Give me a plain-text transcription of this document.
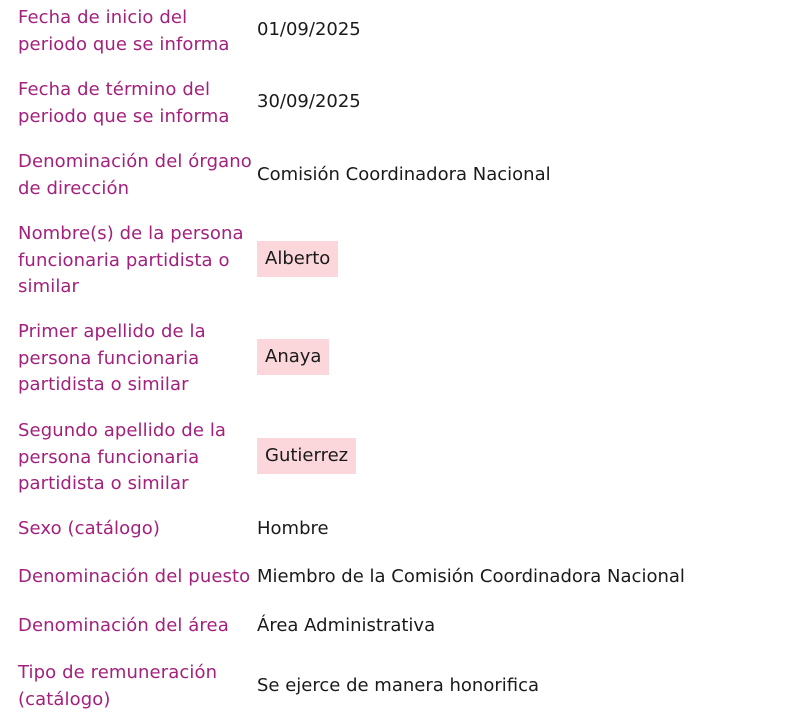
Fecha de inicio del periodo que se informa
01/09/2025
Fecha de término del periodo que se informa
30/09/2025
Denominación del órgano de dirección
Comisión Coordinadora Nacional
Nombre(s) de la persona funcionaria partidista o similar
Alberto
Primer apellido de la persona funcionaria partidista o similar
Anaya
Segundo apellido de la persona funcionaria partidista o similar
Gutierrez
Sexo (catálogo)	Hombre
Denominación del puesto Miembro de la Comisión Coordinadora Nacional
Denominación del área	Área Administrativa
Tipo de remuneración (catálogo)
Se ejerce de manera honorifica
